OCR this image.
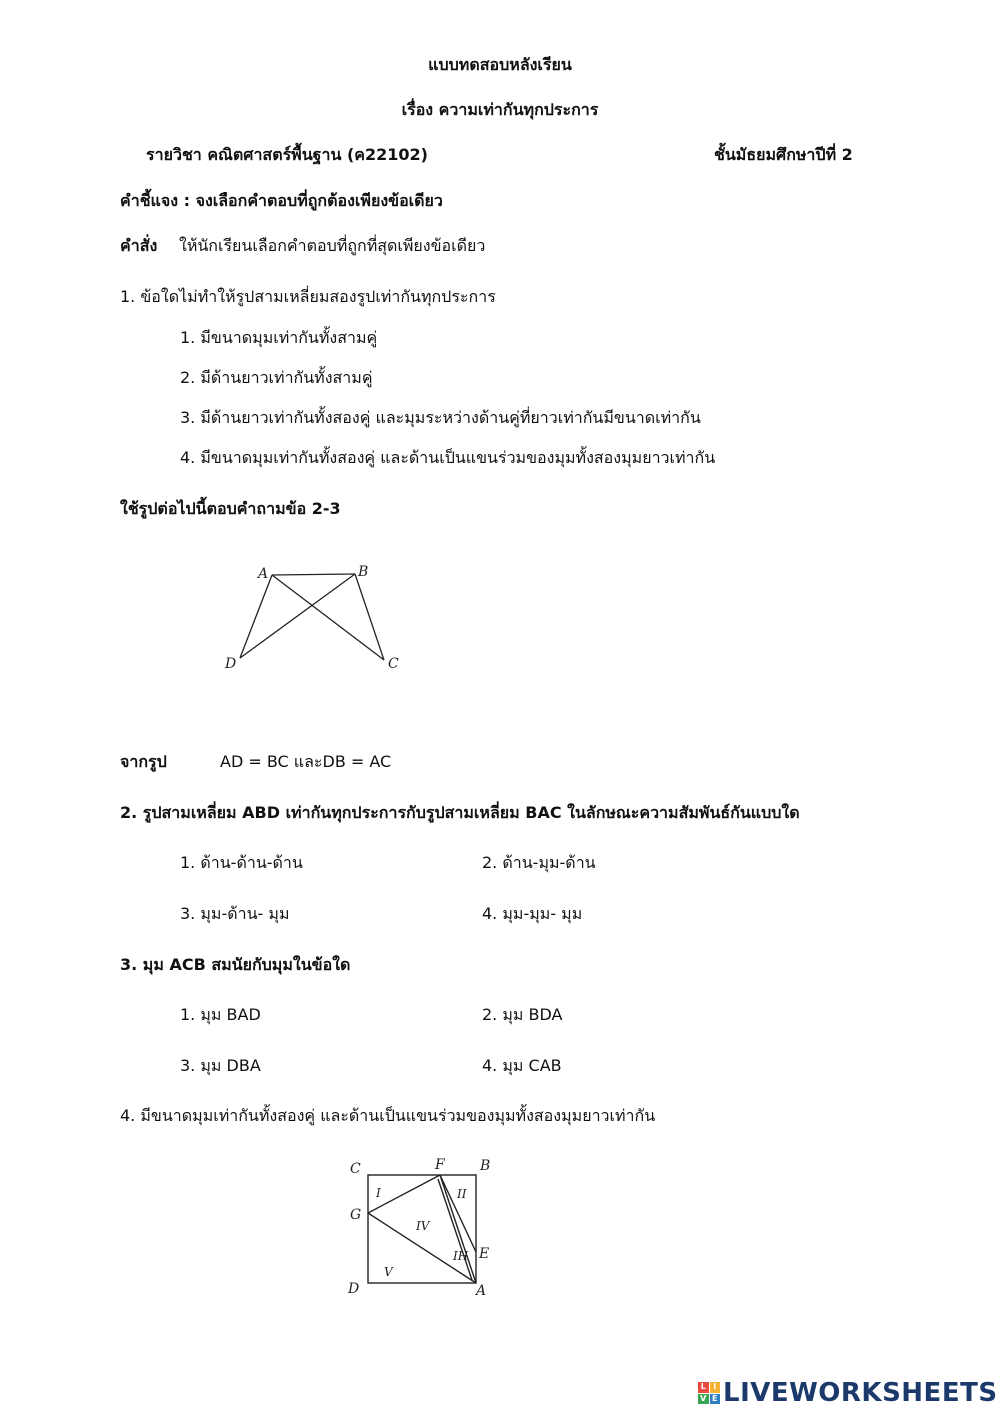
แบบทดสอบหลังเรียน
เรื่อง ความเท่ากันทุกประการ
รายวิชา คณิตศาสตร์พื้นฐาน (ค22102)	ชั้นมัธยมศึกษาปีที่ 2
คำชี้แจง : จงเลือกคำตอบที่ถูกต้องเพียงข้อเดียว
คำสั่ง ให้นักเรียนเลือกคำตอบที่ถูกที่สุดเพียงข้อเดียว
1. ข้อใดไม่ทำให้รูปสามเหลี่ยมสองรูปเท่ากันทุกประการ
1. มีขนาดมุมเท่ากันทั้งสามคู่
2. มีด้านยาวเท่ากันทั้งสามคู่
3. มีด้านยาวเท่ากันทั้งสองคู่ และมุมระหว่างด้านคู่ที่ยาวเท่ากันมีขนาดเท่ากัน
4. มีขนาดมุมเท่ากันทั้งสองคู่ และด้านเป็นแขนร่วมของมุมทั้งสองมุมยาวเท่ากัน
ใช้รูปต่อไปนี้ตอบคำถามข้อ 2-3
A	B
D	C
จากรูป	AD = BC และDB = AC
2. รูปสามเหลี่ยม ABD เท่ากันทุกประการกับรูปสามเหลี่ยม BAC ในลักษณะความสัมพันธ์กันแบบใด
1. ด้าน-ด้าน-ด้าน	2. ด้าน-มุม-ด้าน
3. มุม-ด้าน- มุม	4. มุม-มุม- มุม
3. มุม ACB สมนัยกับมุมในข้อใด
1. มุม BAD	2. มุม BDA
3. มุม DBA	4. มุม CAB
4. มีขนาดมุมเท่ากันทั้งสองคู่ และด้านเป็นแขนร่วมของมุมทั้งสองมุมยาวเท่ากัน
C	F	B
G
E
D	A
I	II
IH
IV
V
L I
V E LIVEWORKSHEETS
